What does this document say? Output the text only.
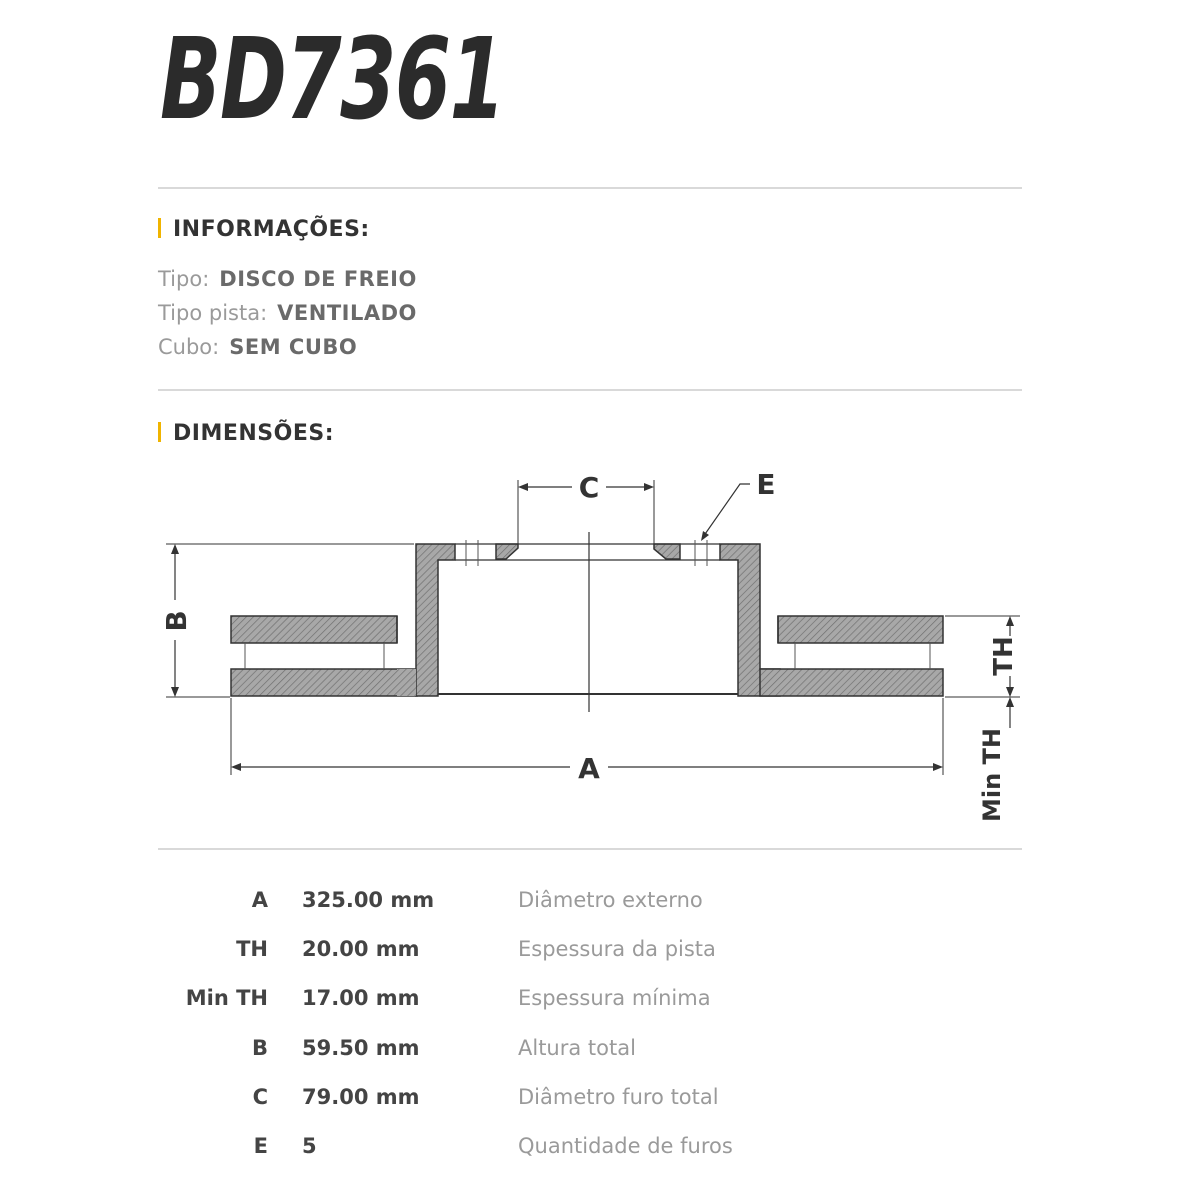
BD7361
INFORMAÇÕES:
Tipo: DISCO DE FREIO
Tipo pista: VENTILADO
Cubo: SEM CUBO
DIMENSÕES:
C	E
B
A
TH
Min TH
A 325.00 mm	Diâmetro externo
TH 20.00 mm	Espessura da pista
Min TH 17.00 mm	Espessura mínima
B 59.50 mm	Altura total
C 79.00 mm	Diâmetro furo total
E 5	Quantidade de furos
